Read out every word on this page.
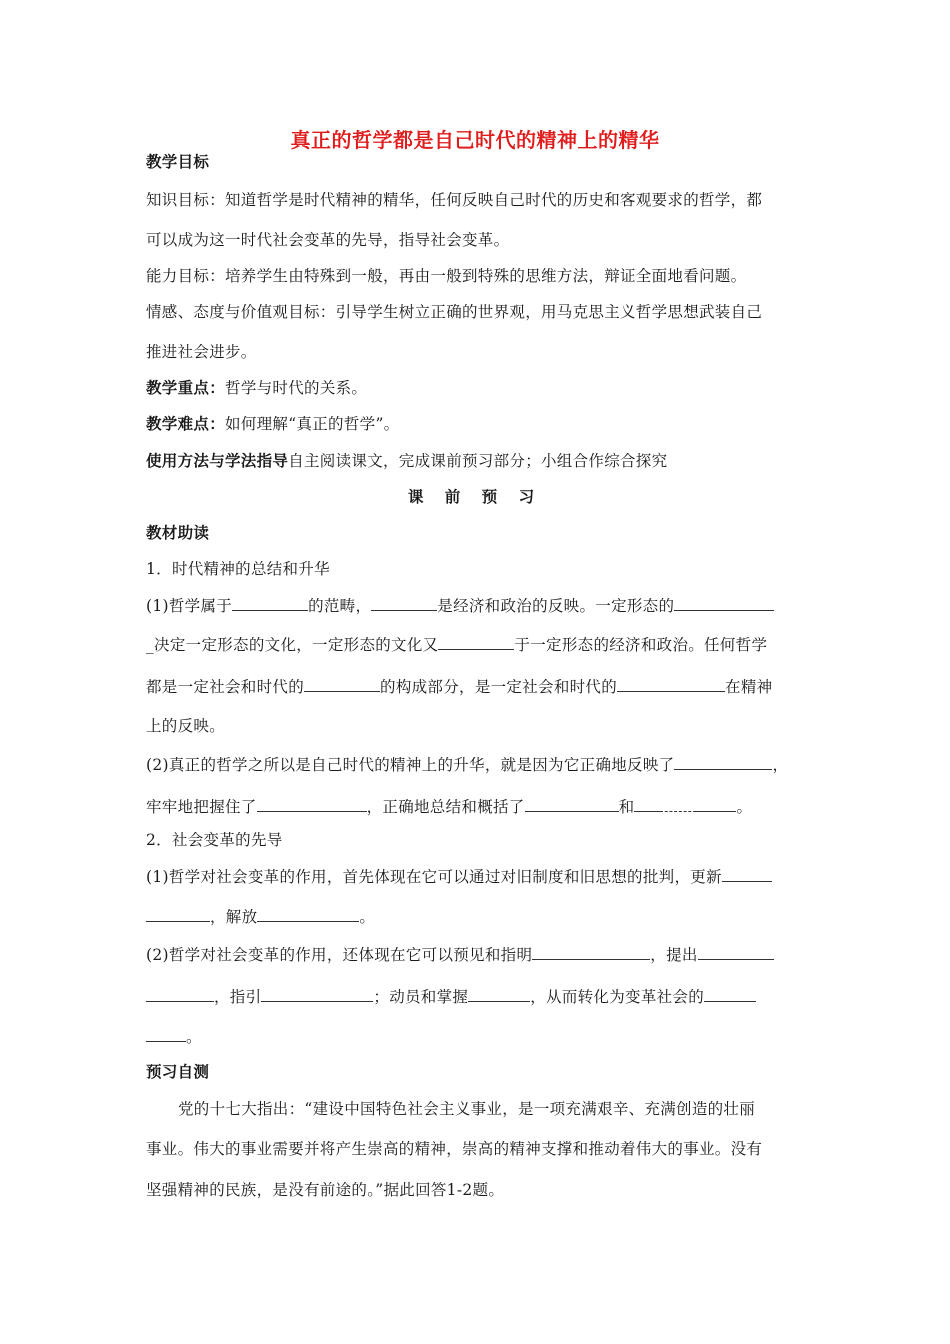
真正的哲学都是自己时代的精神上的精华
教学目标
知识目标：知道哲学是时代精神的精华，任何反映自己时代的历史和客观要求的哲学，都
可以成为这一时代社会变革的先导，指导社会变革。
能力目标：培养学生由特殊到一般，再由一般到特殊的思维方法，辩证全面地看问题。
情感、态度与价值观目标：引导学生树立正确的世界观，用马克思主义哲学思想武装自己
推进社会进步。
教学重点：哲学与时代的关系。
教学难点：如何理解“真正的哲学”。
使用方法与学法指导自主阅读课文，完成课前预习部分；小组合作综合探究
课 前 预 习
教材助读
1．时代精神的总结和升华
(1)哲学属于	的范畴，	是经济和政治的反映。一定形态的
_决定一定形态的文化，一定形态的文化又	于一定形态的经济和政治。任何哲学
都是一定社会和时代的	的构成部分，是一定社会和时代的	在精神
上的反映。
(2)真正的哲学之所以是自己时代的精神上的升华，就是因为它正确地反映了	，
牢牢地把握住了	，正确地总结和概括了	和	。
2．社会变革的先导
(1)哲学对社会变革的作用，首先体现在它可以通过对旧制度和旧思想的批判，更新
，解放	。
(2)哲学对社会变革的作用，还体现在它可以预见和指明	，提出
，指引	；动员和掌握	，从而转化为变革社会的
。
预习自测
党的十七大指出：“建设中国特色社会主义事业，是一项充满艰辛、充满创造的壮丽
事业。伟大的事业需要并将产生崇高的精神，崇高的精神支撑和推动着伟大的事业。没有
坚强精神的民族，是没有前途的。”据此回答1-2题。
